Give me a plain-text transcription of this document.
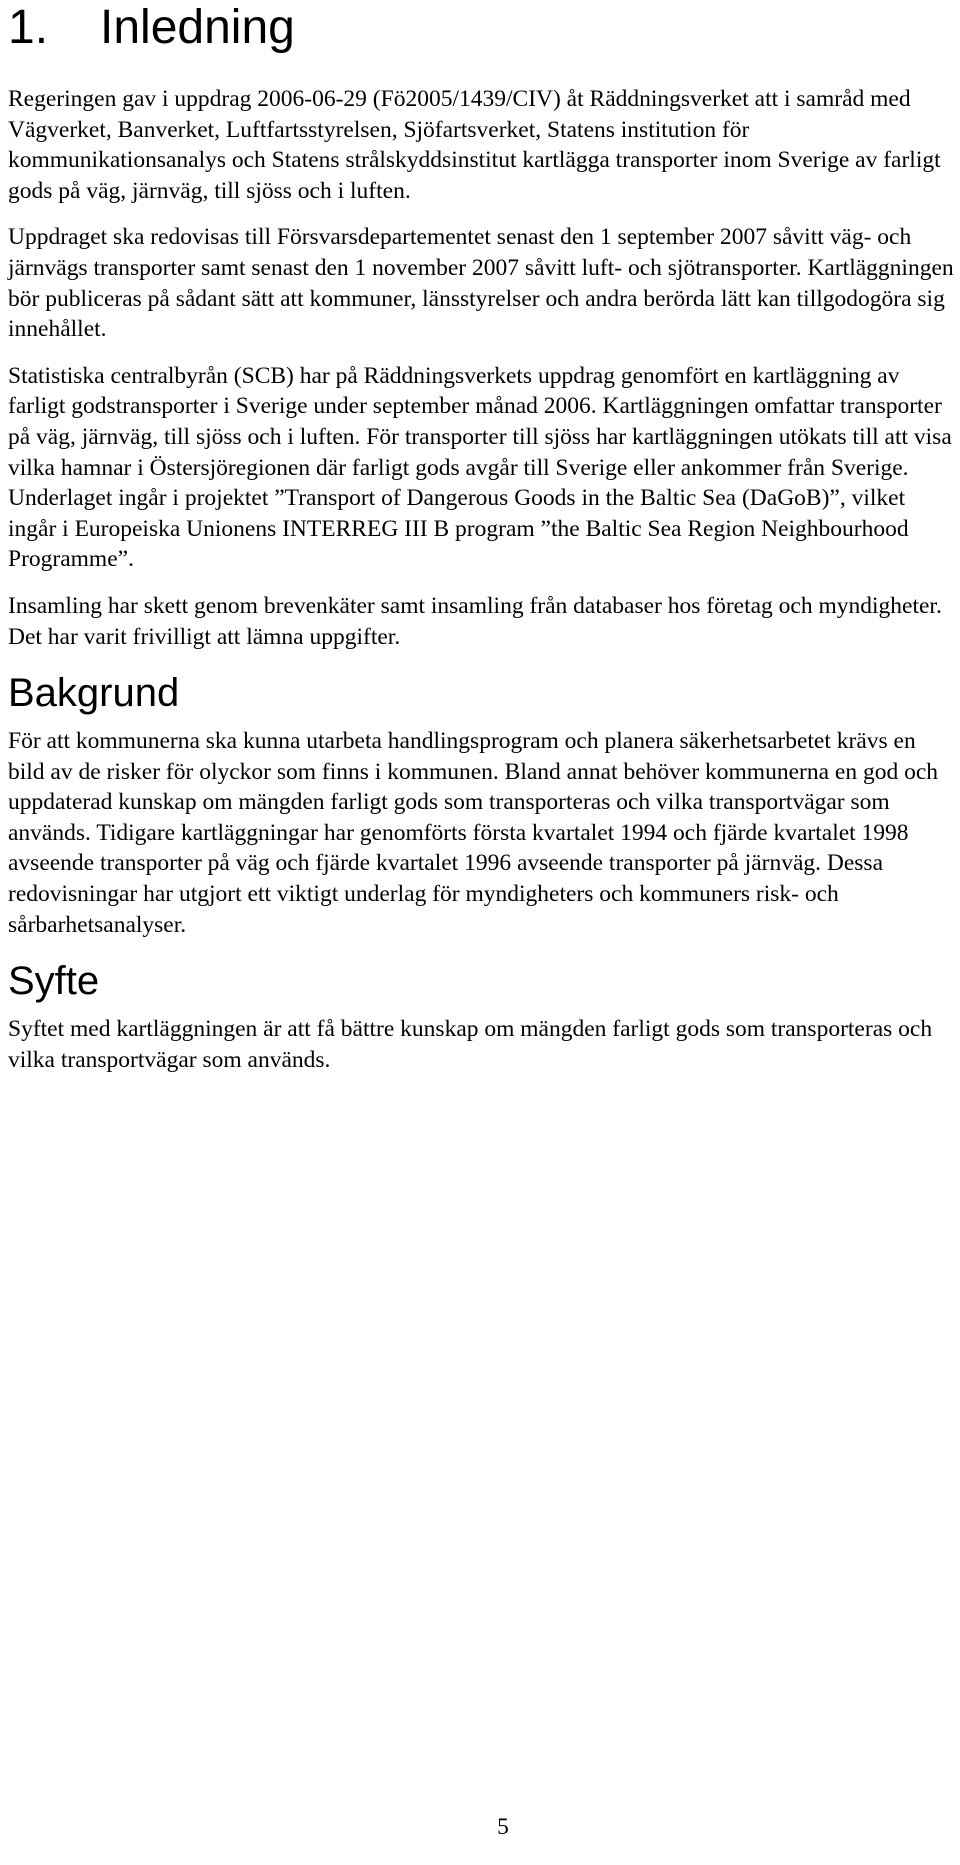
1. Inledning

Regeringen gav i uppdrag 2006-06-29 (Fö2005/1439/CIV) åt Räddningsverket att i samråd med Vägverket, Banverket, Luftfartsstyrelsen, Sjöfartsverket, Statens institution för kommunikationsanalys och Statens strålskyddsinstitut kartlägga transporter inom Sverige av farligt gods på väg, järnväg, till sjöss och i luften.

Uppdraget ska redovisas till Försvarsdepartementet senast den 1 september 2007 såvitt väg- och järnvägs transporter samt senast den 1 november 2007 såvitt luft- och sjötransporter. Kartläggningen bör publiceras på sådant sätt att kommuner, länsstyrelser och andra berörda lätt kan tillgodogöra sig innehållet.

Statistiska centralbyrån (SCB) har på Räddningsverkets uppdrag genomfört en kartläggning av farligt godstransporter i Sverige under september månad 2006. Kartläggningen omfattar transporter på väg, järnväg, till sjöss och i luften. För transporter till sjöss har kartläggningen utökats till att visa vilka hamnar i Östersjöregionen där farligt gods avgår till Sverige eller ankommer från Sverige. Underlaget ingår i projektet ”Transport of Dangerous Goods in the Baltic Sea (DaGoB)”, vilket ingår i Europeiska Unionens INTERREG III B program ”the Baltic Sea Region Neighbourhood Programme”.

Insamling har skett genom brevenkäter samt insamling från databaser hos företag och myndigheter. Det har varit frivilligt att lämna uppgifter.

Bakgrund

För att kommunerna ska kunna utarbeta handlingsprogram och planera säkerhetsarbetet krävs en bild av de risker för olyckor som finns i kommunen. Bland annat behöver kommunerna en god och uppdaterad kunskap om mängden farligt gods som transporteras och vilka transportvägar som används. Tidigare kartläggningar har genomförts första kvartalet 1994 och fjärde kvartalet 1998 avseende transporter på väg och fjärde kvartalet 1996 avseende transporter på järnväg. Dessa redovisningar har utgjort ett viktigt underlag för myndigheters och kommuners risk- och sårbarhetsanalyser.

Syfte

Syftet med kartläggningen är att få bättre kunskap om mängden farligt gods som transporteras och vilka transportvägar som används.

5
